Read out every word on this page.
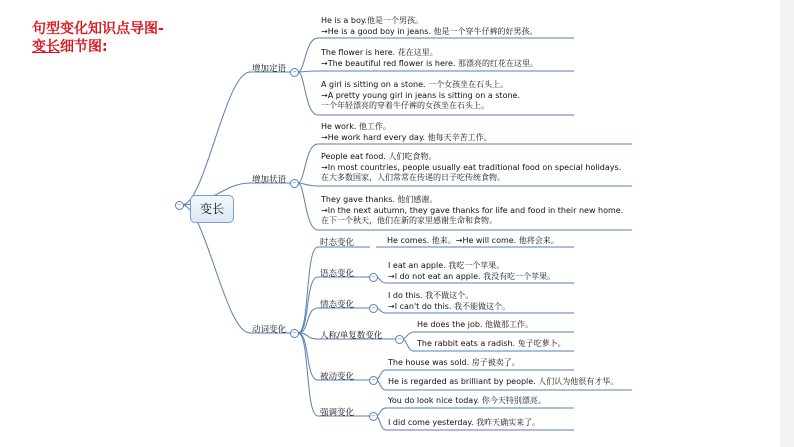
句型变化知识点导图-
变长细节图:
变长
−
增加定语
增加状语
动词变化
−
−
−
时态变化
语态变化
情态变化
人称/单复数变化
被动变化
强调变化
−
−
−
−
−
He is a boy.他是一个男孩。
→He is a good boy in jeans. 他是一个穿牛仔裤的好男孩。
The flower is here. 花在这里。
→The beautiful red flower is here. 那漂亮的红花在这里。
A girl is sitting on a stone. 一个女孩坐在石头上。
→A pretty young girl in jeans is sitting on a stone.
一个年轻漂亮的穿着牛仔裤的女孩坐在石头上。
He work. 他工作。
→He work hard every day. 他每天辛苦工作。
People eat food. 人们吃食物。
→In most countries, people usually eat traditional food on special holidays.
在大多数国家，人们常常在传递的日子吃传统食物。
They gave thanks. 他们感谢。
→In the next autumn, they gave thanks for life and food in their new home.
在下一个秋天，他们在新的家里感谢生命和食物。
He comes. 他来。→He will come. 他将会来。
I eat an apple. 我吃一个苹果。
→I do not eat an apple. 我没有吃一个苹果。
I do this. 我不做这个。
→I can't do this. 我不能做这个。
He does the job. 他做那工作。
The rabbit eats a radish. 兔子吃萝卜。
The house was sold. 房子被卖了。
He is regarded as brilliant by people. 人们认为他很有才华。
You do look nice today. 你今天特别漂亮。
I did come yesterday. 我昨天确实来了。
